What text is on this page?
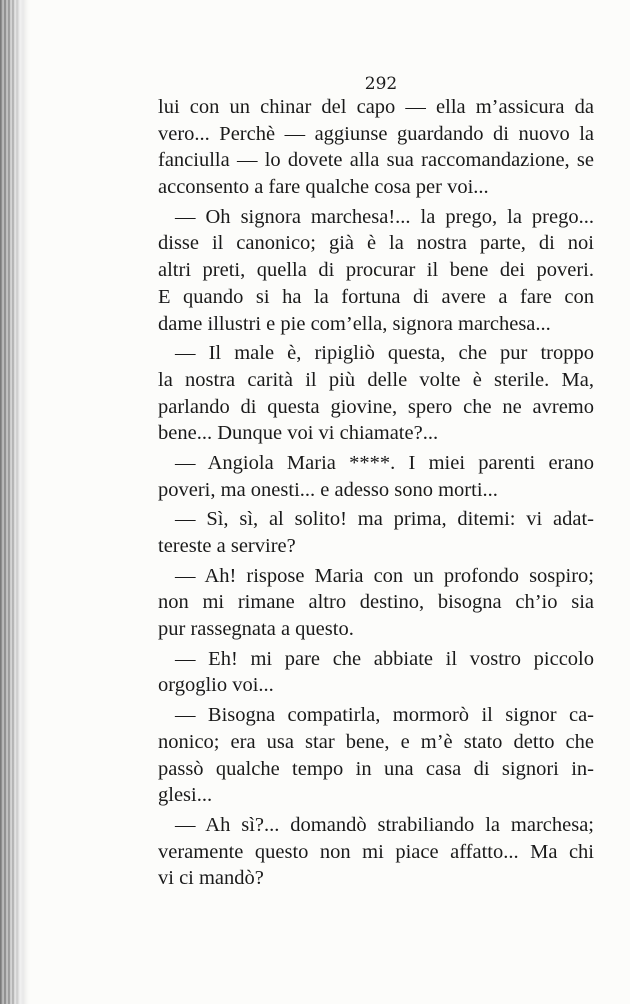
292
lui con un chinar del capo — ella m’assicura da
vero... Perchè — aggiunse guardando di nuovo la
fanciulla — lo dovete alla sua raccomandazione, se
acconsento a fare qualche cosa per voi...
— Oh signora marchesa!... la prego, la prego...
disse il canonico; già è la nostra parte, di noi
altri preti, quella di procurar il bene dei poveri.
E quando si ha la fortuna di avere a fare con
dame illustri e pie com’ella, signora marchesa...
— Il male è, ripigliò questa, che pur troppo
la nostra carità il più delle volte è sterile. Ma,
parlando di questa giovine, spero che ne avremo
bene... Dunque voi vi chiamate?...
— Angiola Maria ****. I miei parenti erano
poveri, ma onesti... e adesso sono morti...
— Sì, sì, al solito! ma prima, ditemi: vi adat-
tereste a servire?
— Ah! rispose Maria con un profondo sospiro;
non mi rimane altro destino, bisogna ch’io sia
pur rassegnata a questo.
— Eh! mi pare che abbiate il vostro piccolo
orgoglio voi...
— Bisogna compatirla, mormorò il signor ca-
nonico; era usa star bene, e m’è stato detto che
passò qualche tempo in una casa di signori in-
glesi...
— Ah sì?... domandò strabiliando la marchesa;
veramente questo non mi piace affatto... Ma chi
vi ci mandò?
